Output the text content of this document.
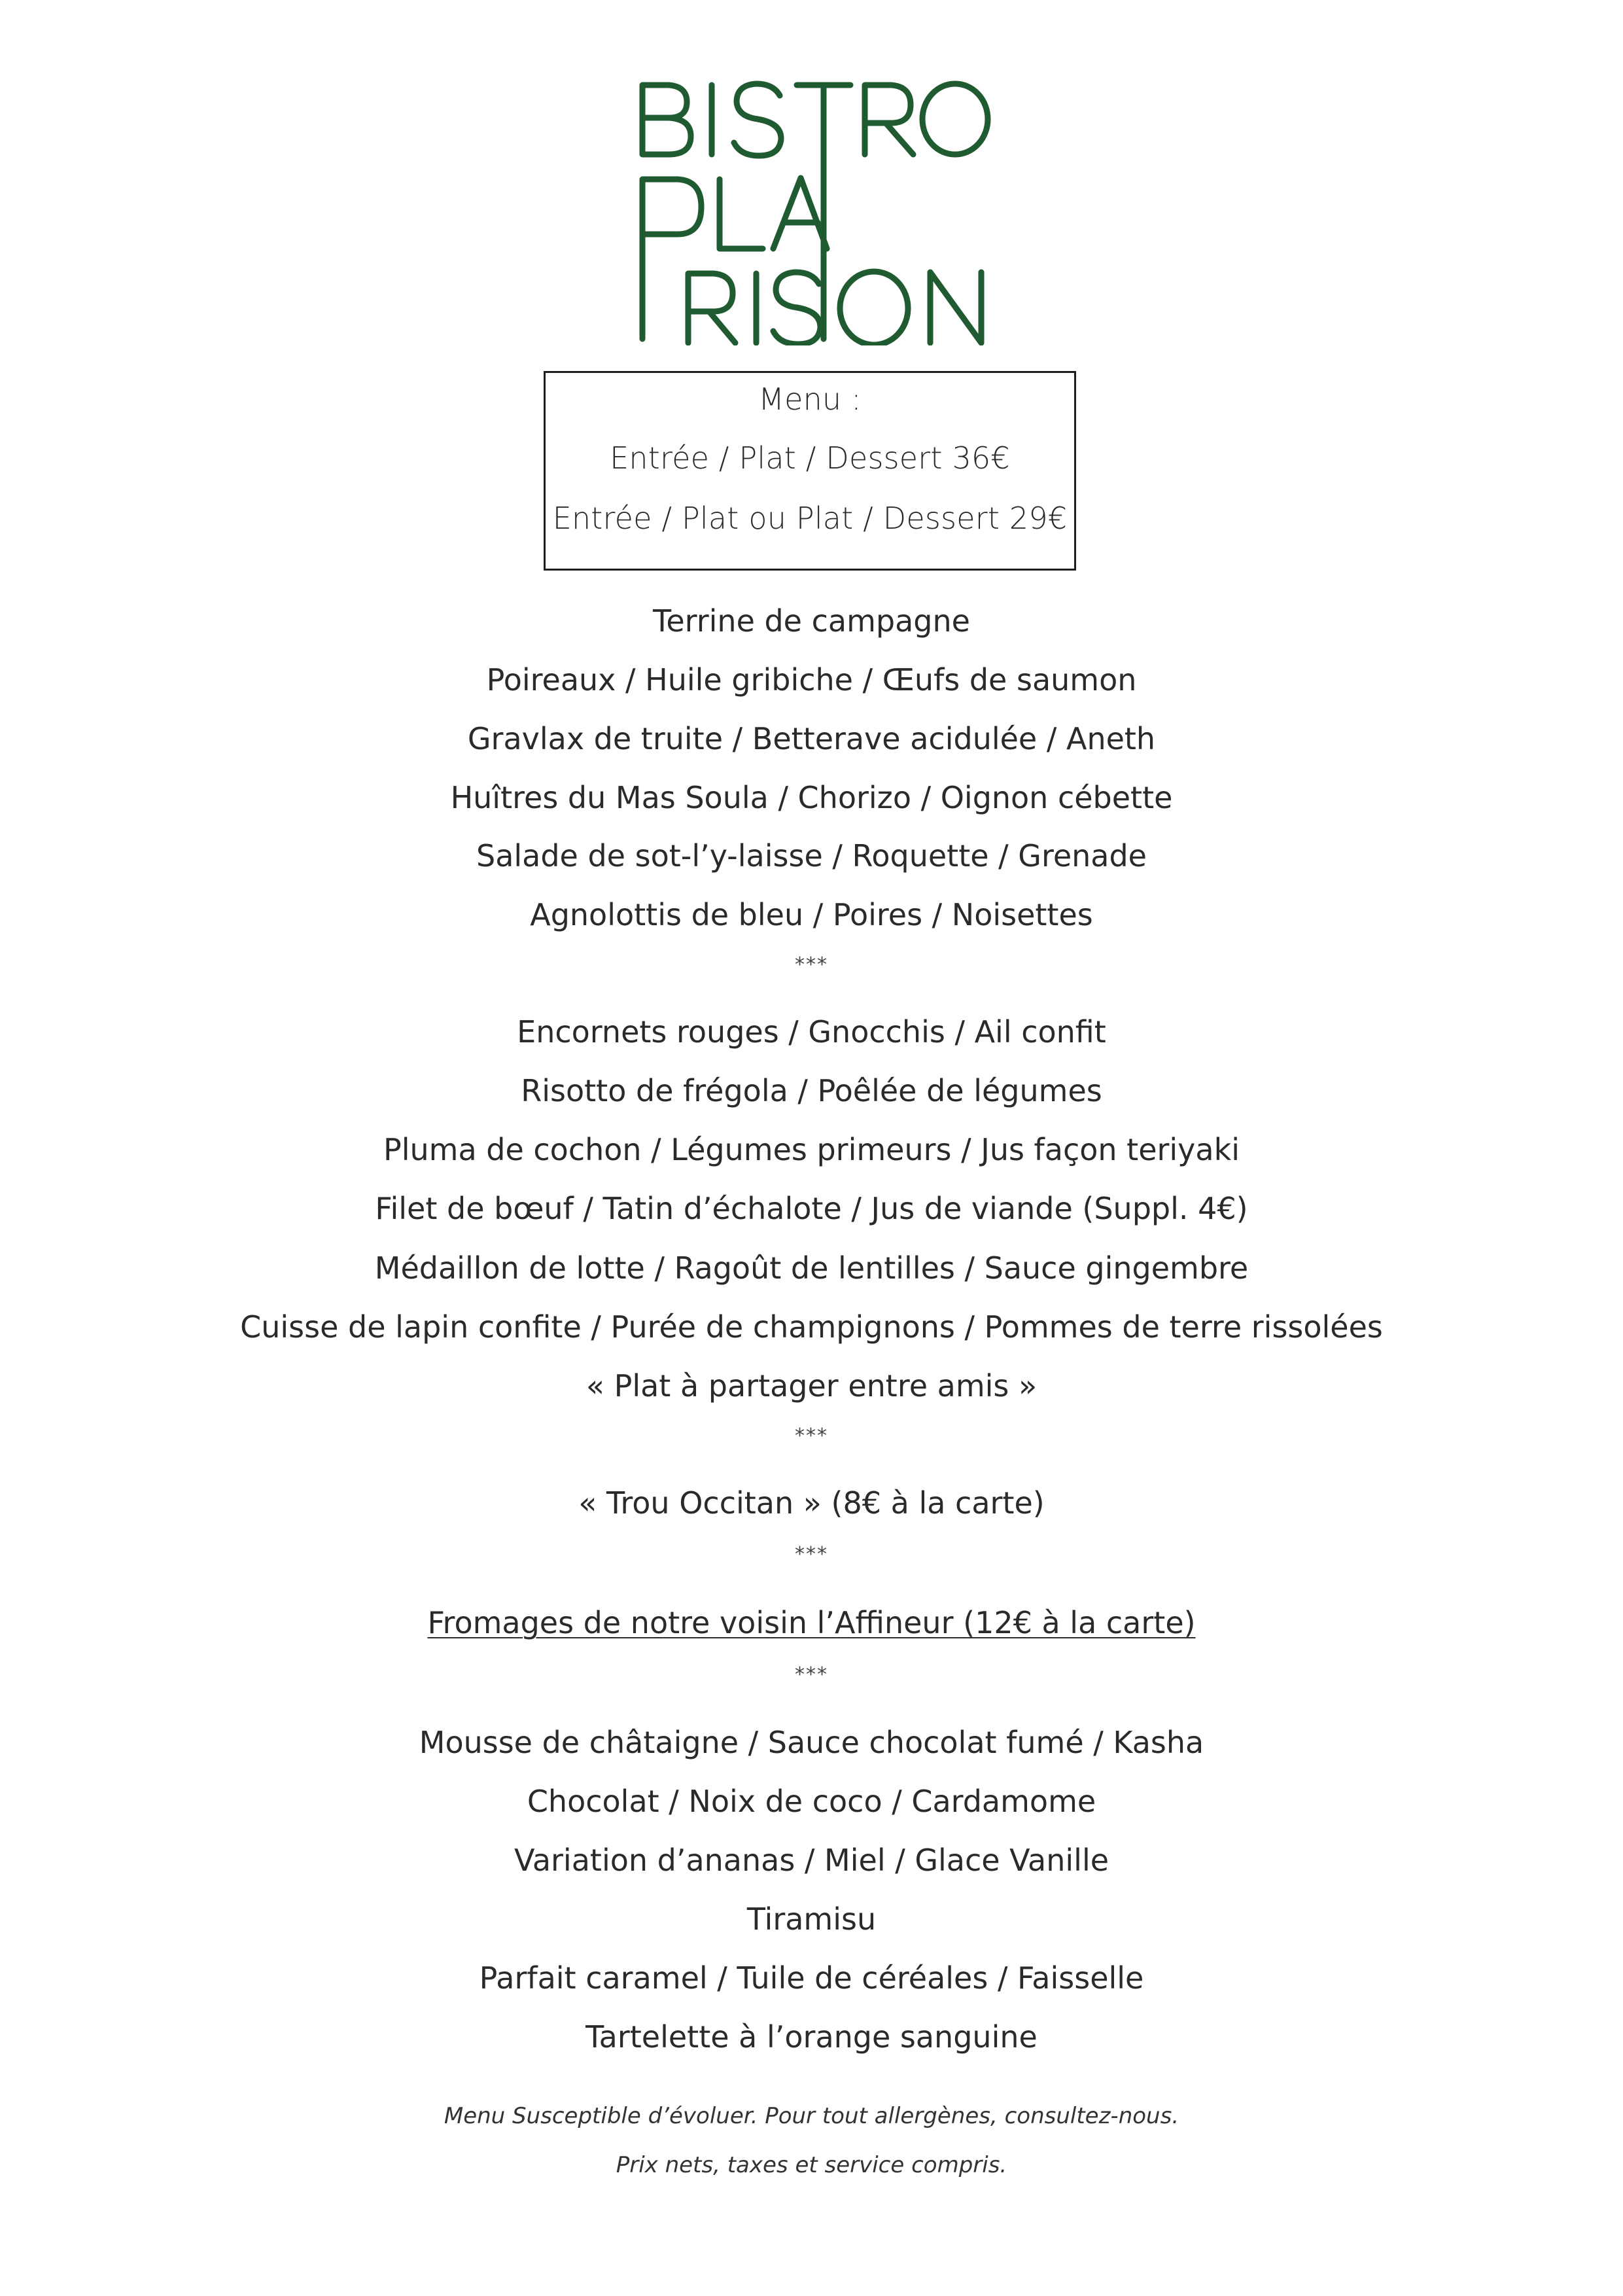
Menu :
Entrée / Plat / Dessert 36€
Entrée / Plat ou Plat / Dessert 29€
Terrine de campagne
Poireaux / Huile gribiche / Œufs de saumon
Gravlax de truite / Betterave acidulée / Aneth
Huîtres du Mas Soula / Chorizo / Oignon cébette
Salade de sot-l’y-laisse / Roquette / Grenade
Agnolottis de bleu / Poires / Noisettes
***
Encornets rouges / Gnocchis / Ail confit
Risotto de frégola / Poêlée de légumes
Pluma de cochon / Légumes primeurs / Jus façon teriyaki
Filet de bœuf / Tatin d’échalote / Jus de viande (Suppl. 4€)
Médaillon de lotte / Ragoût de lentilles / Sauce gingembre
Cuisse de lapin confite / Purée de champignons / Pommes de terre rissolées
« Plat à partager entre amis »
***
« Trou Occitan » (8€ à la carte)
***
Fromages de notre voisin l’Affineur (12€ à la carte)
***
Mousse de châtaigne / Sauce chocolat fumé / Kasha
Chocolat / Noix de coco / Cardamome
Variation d’ananas / Miel / Glace Vanille
Tiramisu
Parfait caramel / Tuile de céréales / Faisselle
Tartelette à l’orange sanguine
Menu Susceptible d’évoluer. Pour tout allergènes, consultez-nous.
Prix nets, taxes et service compris.
